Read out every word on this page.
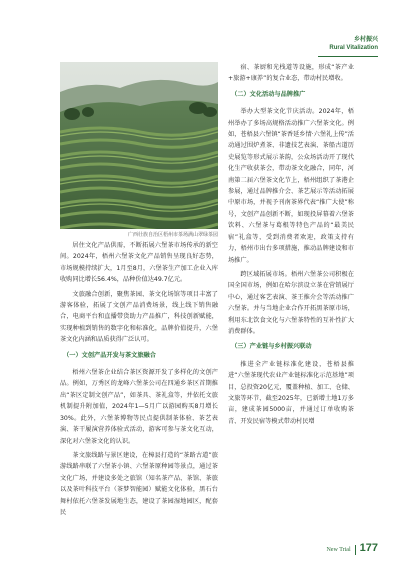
乡村振兴
Rural Vitalization
广西壮族自治区梧州市茶场满山翠绿茶园

居住文化产品供需，不断拓展六堡茶市场传承的新空间。2024年，梧州六堡茶文化产品销售呈现良好态势，市场规模持续扩大，1月至8月，六堡茶生产加工企业入库收购同比增长56.4%，品种价值达49.7亿元。

文旅融合创新，聚焦茶园、茶文化场馆等项目丰富了游客体验，拓展了文创产品消费场景，线上线下销售融合，电商平台和直播带货助力产品推广，科技创新赋能，实现种植到销售的数字化和标准化，品牌价值提升，六堡茶文化内涵和品质获得广泛认可。

（一）文创产品开发与茶文旅融合

梧州六堡茶企业结合茶区资源开发了多样化的文创产品。例如，万秀区的龙峰六堡茶公司在四通乡茶区首期推出“茶区定制文创产品”，如茶具、茶礼盒等，并依托文旅机制提升附加值，2024年1—5月广以游园购买8月增长30%。此外，六堡茶博物等民点提供制茶体验、茶艺表演、茶干履演营养体验式活动，游客可参与茶文化互动，深化对六堡茶文化的认识。

茶文旅线路与景区建设，在樟县打造的“茶路古道”旅游线路串联了六堡茶小镇、六堡茶原种园等景点，通过茶文化广场，并建设多处之旅馆（知名茶产品、茶馆、茶旅以及茶叶科技平台（茶梦智能园）赋能文化体验，黑石台舞村依托六堡茶发展地生态，建设了茶园湿地园区，配套民

宿、茶厨和光栈道等设施，形成“茶产业+旅游+康养”的复合业态，带动村民增收。

（二）文化活动与品牌推广

举办大型茶文化节庆活动。2024年，梧州举办了多场高规格活动推广六堡茶文化。例如，苍梧县六堡镇“茶香延乡情·六堡礼上传”活动通过围炉煮茶、非遗技艺表演、茶船古道历史展览等形式展示茶韵，公众场活动开了现代化生产收获茶会，带动茶文化融合，同年，河南第二届六堡茶文化节上，梧州组织了茶港企参展，通过品牌推介会、茶艺展示等活动拓展中原市场，并视予刊南茶界代表“推广大使”称号，文创产品创新不断，如现投屏幕着六堡茶饮料、六堡茶与葛根等特色产品的“最美民宿”礼盒等，受到消费者欢迎，政策支持有力，梧州市出台多项措施，推动品牌建设和市场推广。

跨区域拓展市场。梧州六堡茶公司积极在国全国市场，例如在哈尔滨设立茶在营销展厅中心，通过客艺表演、茶王推介会等活动推广六堡茶。并与当地企业合作开拓黑茶原市场，利用东北饮食文化与六堡茶特性的互补性扩大消费群体。

（三）产业链与乡村振兴联动

推进全产业链标准化建设，苍梧县推进“六堡茶现代农业产业链标准化示范基地”项目，总投资20亿元，覆盖种植、加工、仓储、文旅等环节，截至2025年，已新增土地1万多亩，建成茶园5000亩，并通过订单收购茶青、开发民宿等模式带动村民增

New Trial 177
